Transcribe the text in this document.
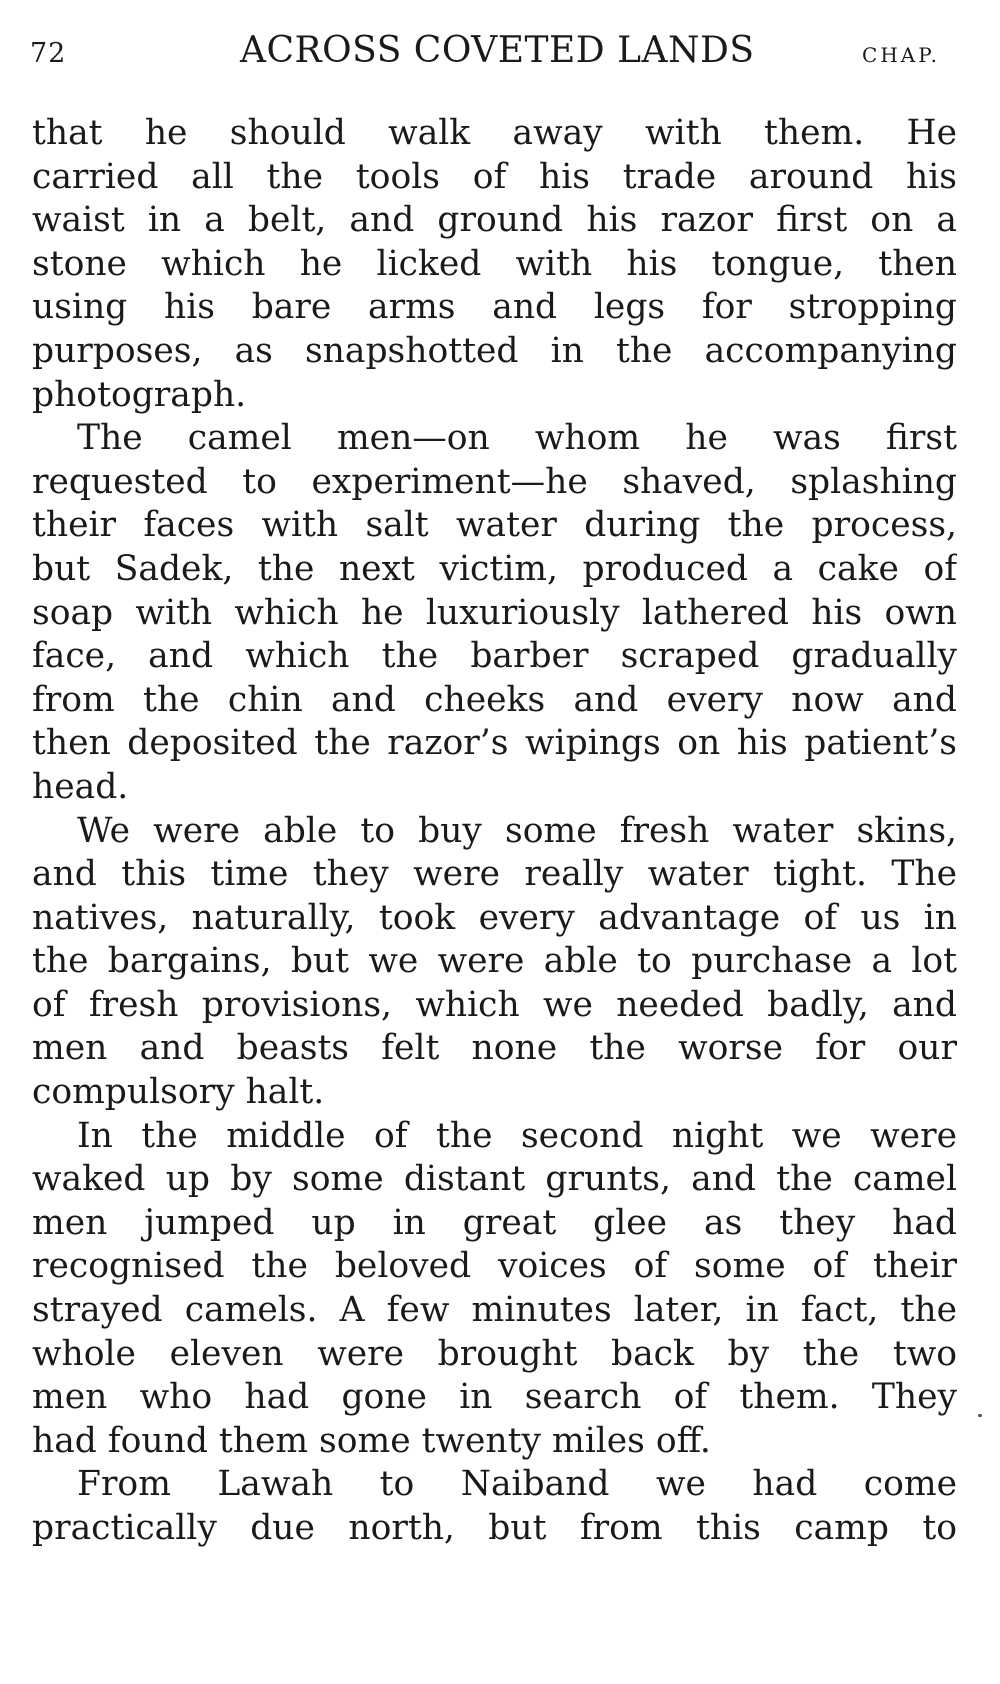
72	ACROSS COVETED LANDS	CHAP.
that he should walk away with them. He
carried all the tools of his trade around his
waist in a belt, and ground his razor first on a
stone which he licked with his tongue, then
using his bare arms and legs for stropping
purposes, as snapshotted in the accompanying
photograph.
The camel men—on whom he was first
requested to experiment—he shaved, splashing
their faces with salt water during the process,
but Sadek, the next victim, produced a cake of
soap with which he luxuriously lathered his own
face, and which the barber scraped gradually
from the chin and cheeks and every now and
then deposited the razor’s wipings on his patient’s
head.
We were able to buy some fresh water skins,
and this time they were really water tight. The
natives, naturally, took every advantage of us in
the bargains, but we were able to purchase a lot
of fresh provisions, which we needed badly, and
men and beasts felt none the worse for our
compulsory halt.
In the middle of the second night we were
waked up by some distant grunts, and the camel
men jumped up in great glee as they had
recognised the beloved voices of some of their
strayed camels. A few minutes later, in fact, the
whole eleven were brought back by the two
men who had gone in search of them. They
had found them some twenty miles off.
From Lawah to Naiband we had come
practically due north, but from this camp to
